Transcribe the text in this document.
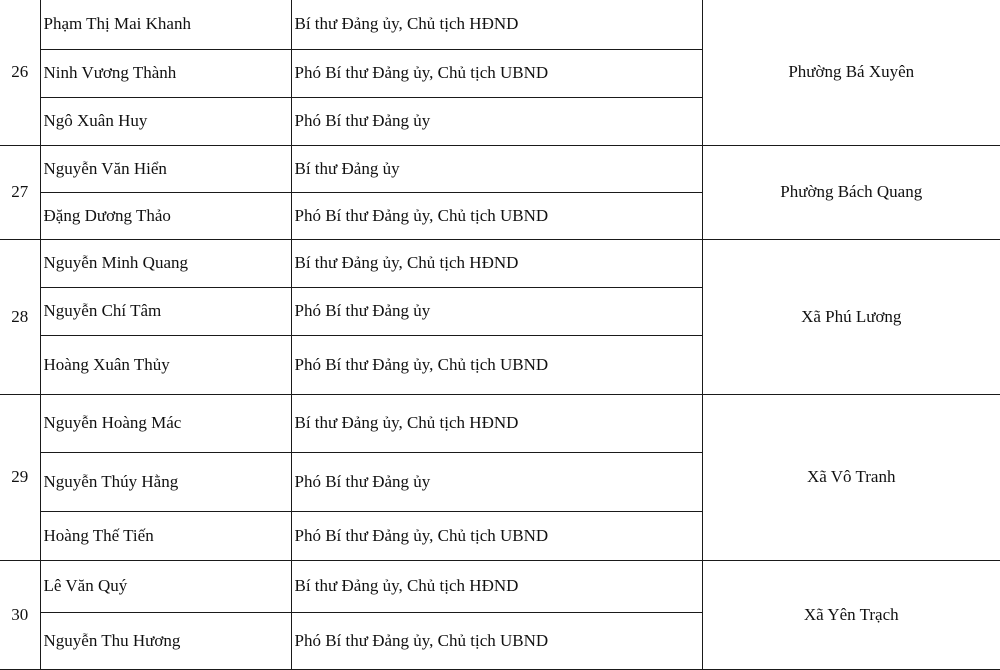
26	Phạm Thị Mai Khanh	Bí thư Đảng ủy, Chủ tịch HĐND	Phường Bá Xuyên
	Ninh Vương Thành	Phó Bí thư Đảng ủy, Chủ tịch UBND	
	Ngô Xuân Huy	Phó Bí thư Đảng ủy	
27	Nguyễn Văn Hiển	Bí thư Đảng ủy	Phường Bách Quang
	Đặng Dương Thảo	Phó Bí thư Đảng ủy, Chủ tịch UBND	
28	Nguyễn Minh Quang	Bí thư Đảng ủy, Chủ tịch HĐND	Xã Phú Lương
	Nguyễn Chí Tâm	Phó Bí thư Đảng ủy	
	Hoàng Xuân Thủy	Phó Bí thư Đảng ủy, Chủ tịch UBND	
29	Nguyễn Hoàng Mác	Bí thư Đảng ủy, Chủ tịch HĐND	Xã Vô Tranh
	Nguyễn Thúy Hằng	Phó Bí thư Đảng ủy	
	Hoàng Thế Tiến	Phó Bí thư Đảng ủy, Chủ tịch UBND	
30	Lê Văn Quý	Bí thư Đảng ủy, Chủ tịch HĐND	Xã Yên Trạch
	Nguyễn Thu Hương	Phó Bí thư Đảng ủy, Chủ tịch UBND	
